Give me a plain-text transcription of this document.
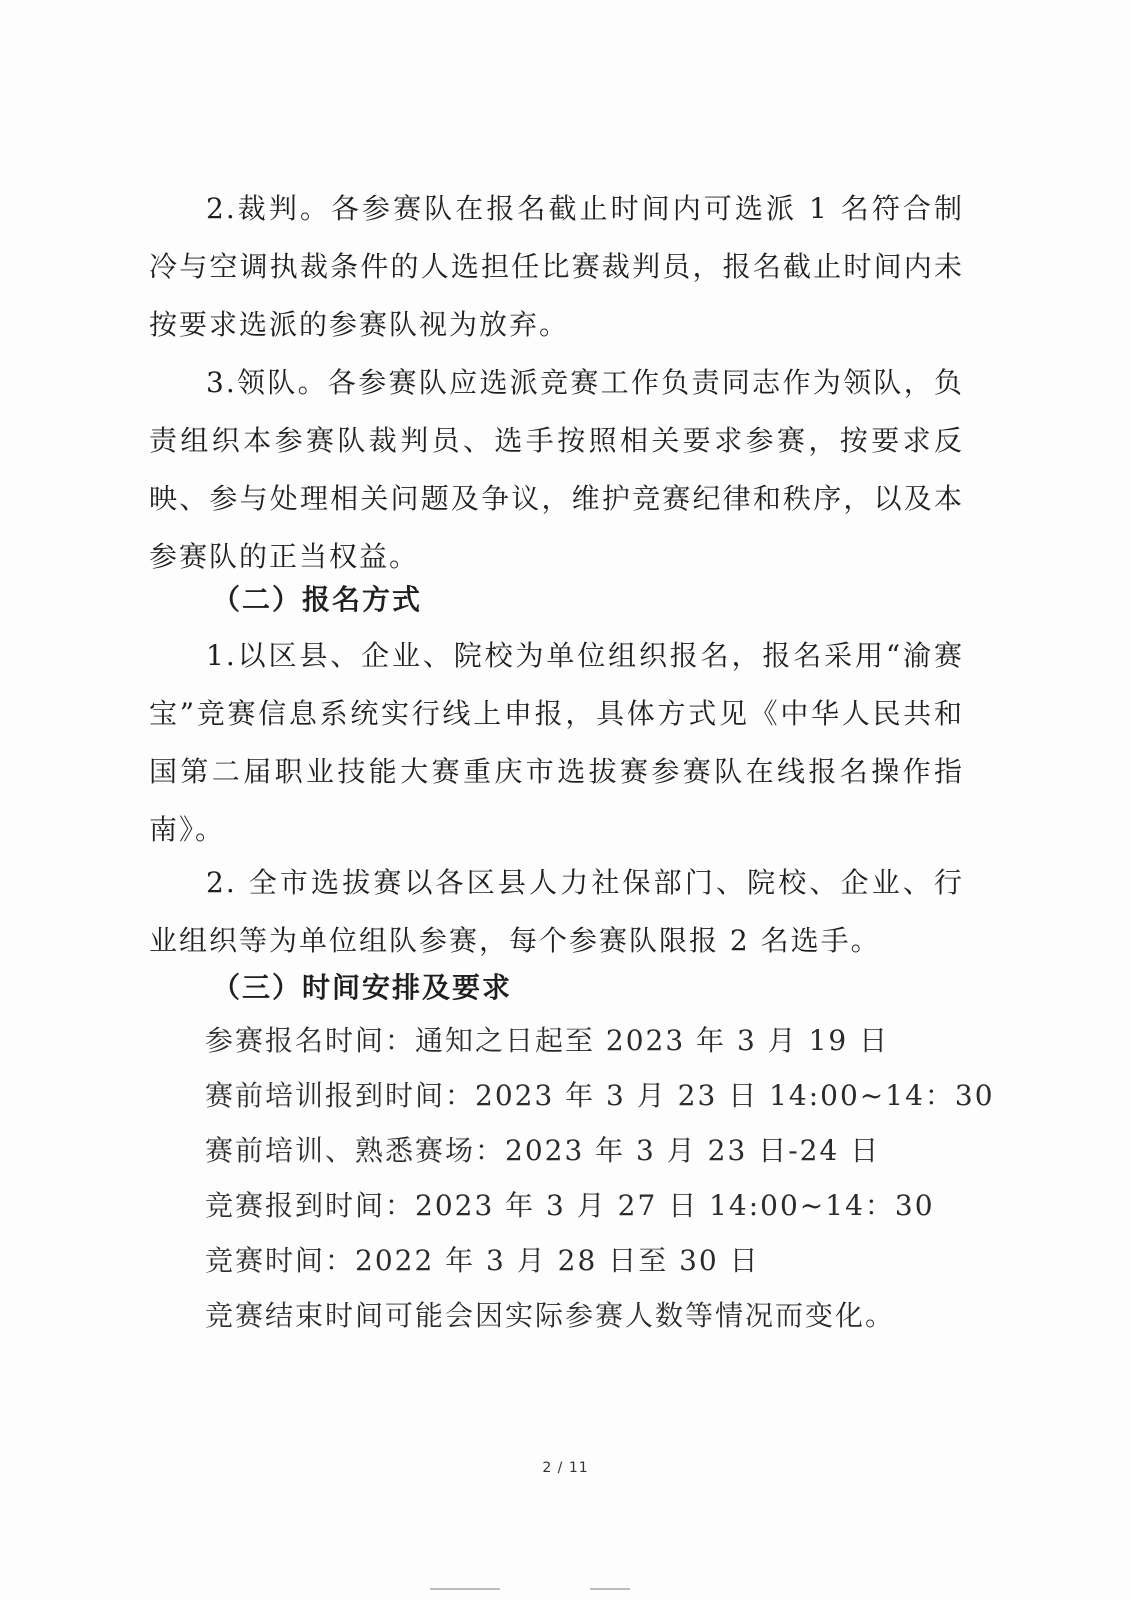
2.裁判。各参赛队在报名截止时间内可选派 1 名符合制冷与空调执裁条件的人选担任比赛裁判员，报名截止时间内未按要求选派的参赛队视为放弃。

3.领队。各参赛队应选派竞赛工作负责同志作为领队，负责组织本参赛队裁判员、选手按照相关要求参赛，按要求反映、参与处理相关问题及争议，维护竞赛纪律和秩序，以及本参赛队的正当权益。

（二）报名方式

1.以区县、企业、院校为单位组织报名，报名采用“渝赛宝”竞赛信息系统实行线上申报，具体方式见《中华人民共和国第二届职业技能大赛重庆市选拔赛参赛队在线报名操作指南》。

2. 全市选拔赛以各区县人力社保部门、院校、企业、行业组织等为单位组队参赛，每个参赛队限报 2 名选手。

（三）时间安排及要求

参赛报名时间：通知之日起至 2023 年 3 月 19 日

赛前培训报到时间：2023 年 3 月 23 日 14:00~14：30

赛前培训、熟悉赛场：2023 年 3 月 23 日-24 日

竞赛报到时间：2023 年 3 月 27 日 14:00~14：30

竞赛时间：2022 年 3 月 28 日至 30 日

竞赛结束时间可能会因实际参赛人数等情况而变化。

2 / 11
